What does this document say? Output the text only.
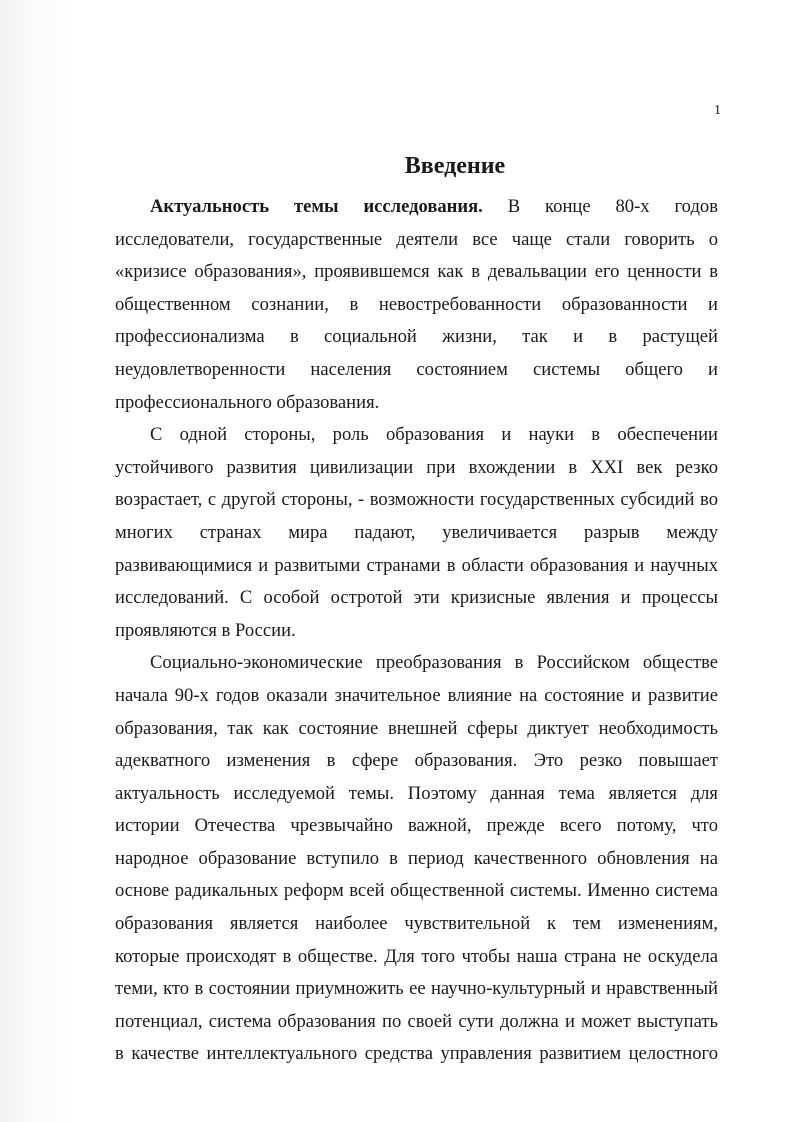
1
Введение
Актуальность темы исследования. В конце 80-х годов
исследователи, государственные деятели все чаще стали говорить о
«кризисе образования», проявившемся как в девальвации его ценности в
общественном сознании, в невостребованности образованности и
профессионализма в социальной жизни, так и в растущей
неудовлетворенности населения состоянием системы общего и
профессионального образования.
С одной стороны, роль образования и науки в обеспечении
устойчивого развития цивилизации при вхождении в XXI век резко
возрастает, с другой стороны, - возможности государственных субсидий во
многих странах мира падают, увеличивается разрыв между
развивающимися и развитыми странами в области образования и научных
исследований. С особой остротой эти кризисные явления и процессы
проявляются в России.
Социально-экономические преобразования в Российском обществе
начала 90-х годов оказали значительное влияние на состояние и развитие
образования, так как состояние внешней сферы диктует необходимость
адекватного изменения в сфере образования. Это резко повышает
актуальность исследуемой темы. Поэтому данная тема является для
истории Отечества чрезвычайно важной, прежде всего потому, что
народное образование вступило в период качественного обновления на
основе радикальных реформ всей общественной системы. Именно система
образования является наиболее чувствительной к тем изменениям,
которые происходят в обществе. Для того чтобы наша страна не оскудела
теми, кто в состоянии приумножить ее научно-культурный и нравственный
потенциал, система образования по своей сути должна и может выступать
в качестве интеллектуального средства управления развитием целостного
